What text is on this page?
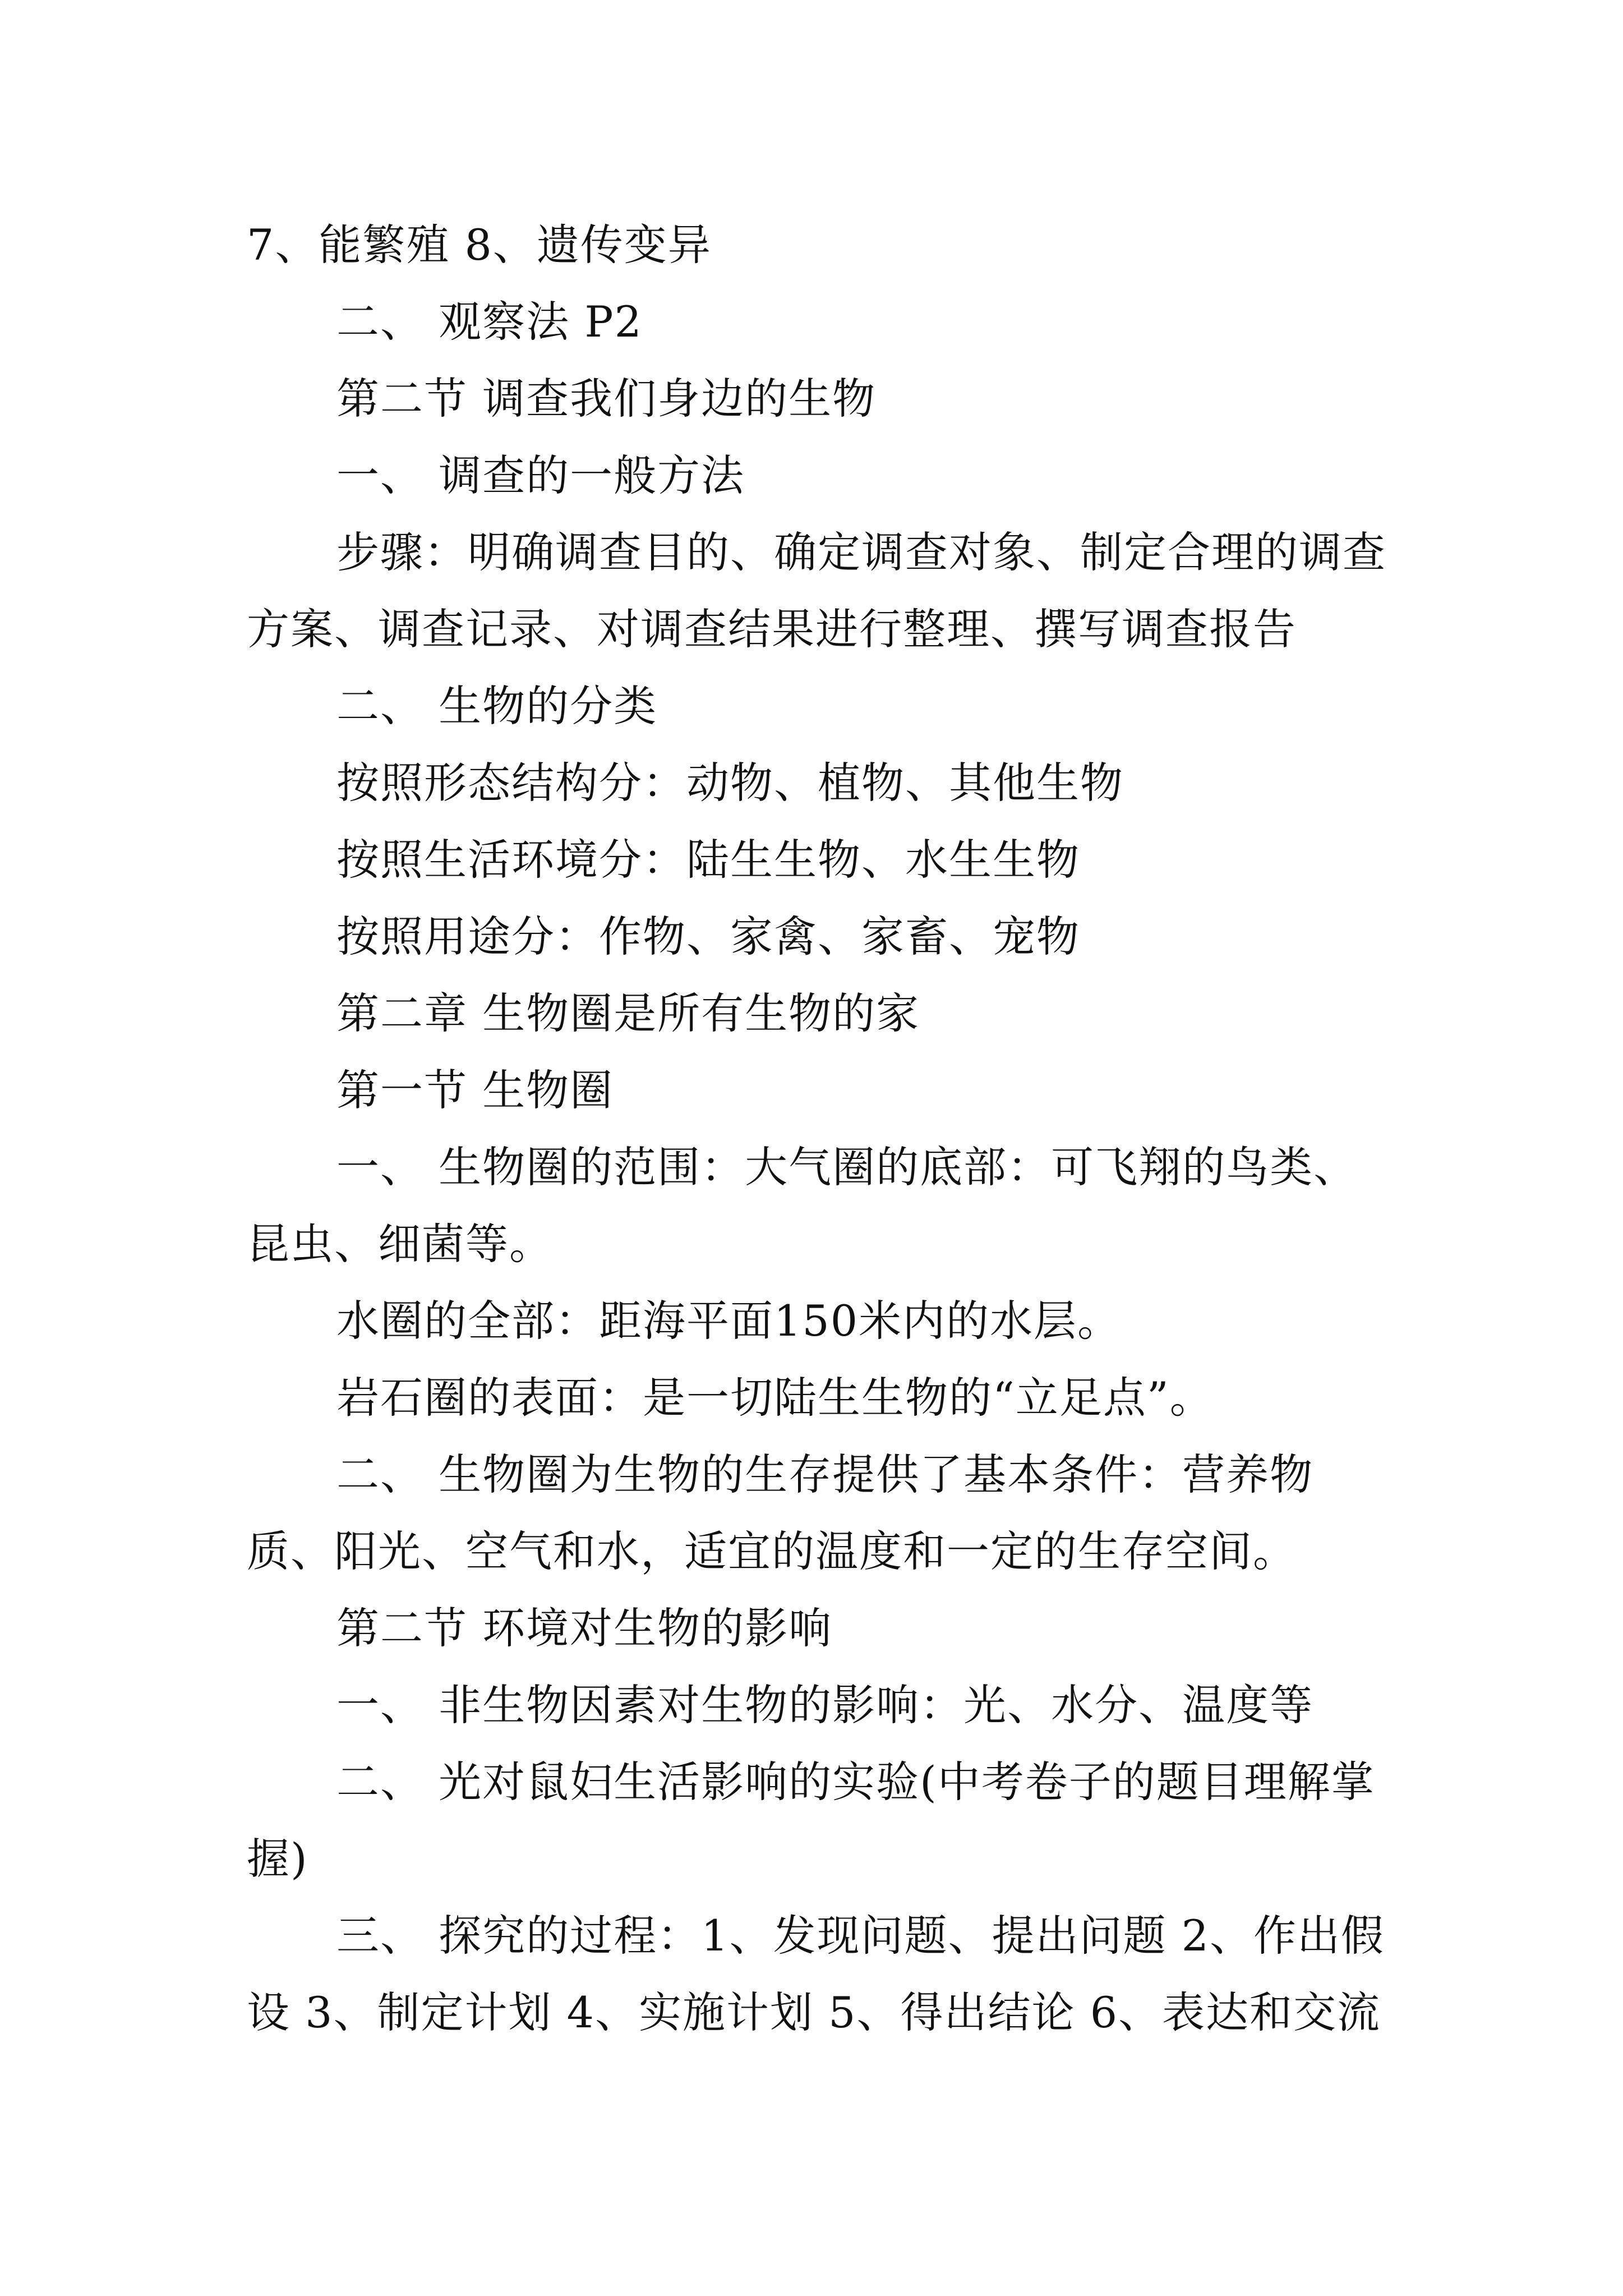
7、能繁殖 8、遗传变异

二、 观察法 P2

第二节 调查我们身边的生物

一、 调查的一般方法

步骤：明确调查目的、确定调查对象、制定合理的调查方案、调查记录、对调查结果进行整理、撰写调查报告

二、 生物的分类

按照形态结构分：动物、植物、其他生物

按照生活环境分：陆生生物、水生生物

按照用途分：作物、家禽、家畜、宠物

第二章 生物圈是所有生物的家

第一节 生物圈

一、 生物圈的范围：大气圈的底部：可飞翔的鸟类、昆虫、细菌等。

水圈的全部：距海平面150米内的水层。

岩石圈的表面：是一切陆生生物的“立足点”。

二、 生物圈为生物的生存提供了基本条件：营养物质、阳光、空气和水，适宜的温度和一定的生存空间。

第二节 环境对生物的影响

一、 非生物因素对生物的影响：光、水分、温度等

二、 光对鼠妇生活影响的实验(中考卷子的题目理解掌握)

三、 探究的过程：1、发现问题、提出问题 2、作出假设 3、制定计划 4、实施计划 5、得出结论 6、表达和交流
